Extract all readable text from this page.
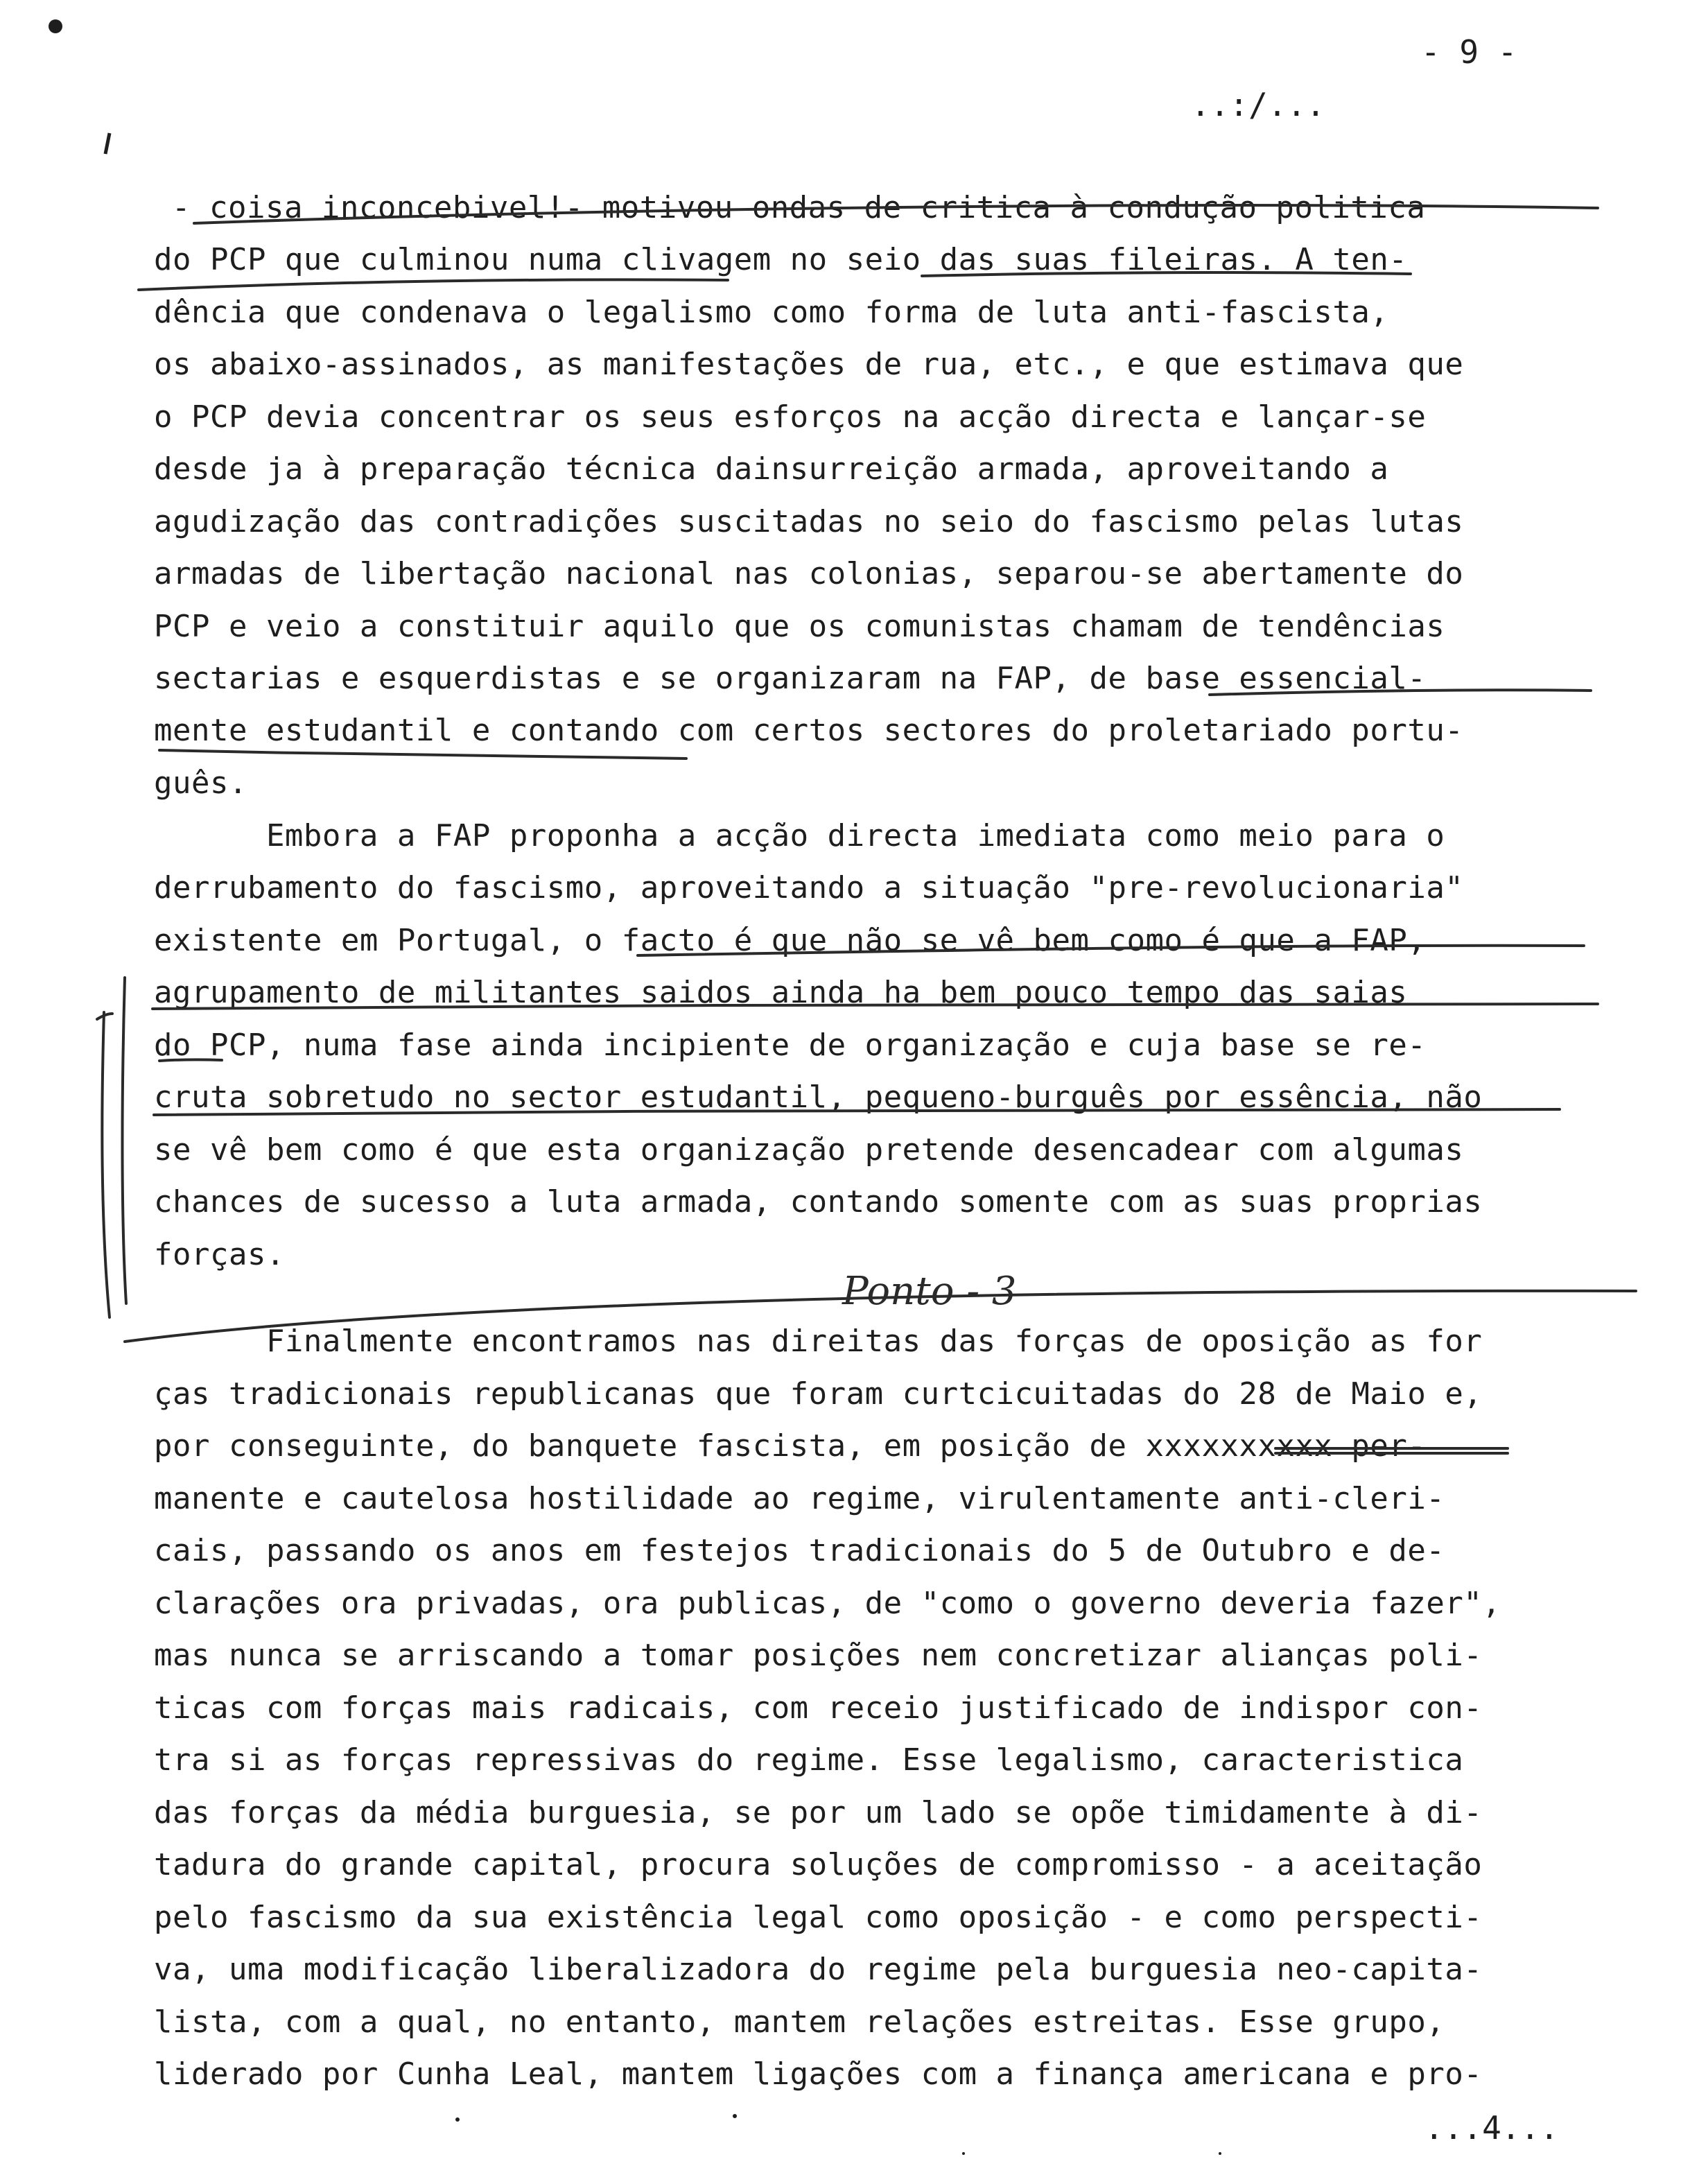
- 9 -
..:/...
- coisa inconcebivel!- motivou ondas de critica à condução politica
do PCP que culminou numa clivagem no seio das suas fileiras. A ten-
dência que condenava o legalismo como forma de luta anti-fascista,
os abaixo-assinados, as manifestações de rua, etc., e que estimava que
o PCP devia concentrar os seus esforços na acção directa e lançar-se
desde ja à preparação técnica dainsurreição armada, aproveitando a
agudização das contradições suscitadas no seio do fascismo pelas lutas
armadas de libertação nacional nas colonias, separou-se abertamente do
PCP e veio a constituir aquilo que os comunistas chamam de tendências
sectarias e esquerdistas e se organizaram na FAP, de base essencial-
mente estudantil e contando com certos sectores do proletariado portu-
guês.
Embora a FAP proponha a acção directa imediata como meio para o
derrubamento do fascismo, aproveitando a situação "pre-revolucionaria"
existente em Portugal, o facto é que não se vê bem como é que a FAP,
agrupamento de militantes saidos ainda ha bem pouco tempo das saias
do PCP, numa fase ainda incipiente de organização e cuja base se re-
cruta sobretudo no sector estudantil, pequeno-burguês por essência, não
se vê bem como é que esta organização pretende desencadear com algumas
chances de sucesso a luta armada, contando somente com as suas proprias
forças.
Finalmente encontramos nas direitas das forças de oposição as for
ças tradicionais republicanas que foram curtcicuitadas do 28 de Maio e,
por conseguinte, do banquete fascista, em posição de xxxxxxxxxx per-
manente e cautelosa hostilidade ao regime, virulentamente anti-cleri-
cais, passando os anos em festejos tradicionais do 5 de Outubro e de-
clarações ora privadas, ora publicas, de "como o governo deveria fazer",
mas nunca se arriscando a tomar posições nem concretizar alianças poli-
ticas com forças mais radicais, com receio justificado de indispor con-
tra si as forças repressivas do regime. Esse legalismo, caracteristica
das forças da média burguesia, se por um lado se opõe timidamente à di-
tadura do grande capital, procura soluções de compromisso - a aceitação
pelo fascismo da sua existência legal como oposição - e como perspecti-
va, uma modificação liberalizadora do regime pela burguesia neo-capita-
lista, com a qual, no entanto, mantem relações estreitas. Esse grupo,
liderado por Cunha Leal, mantem ligações com a finança americana e pro-
Ponto - 3
...4...
